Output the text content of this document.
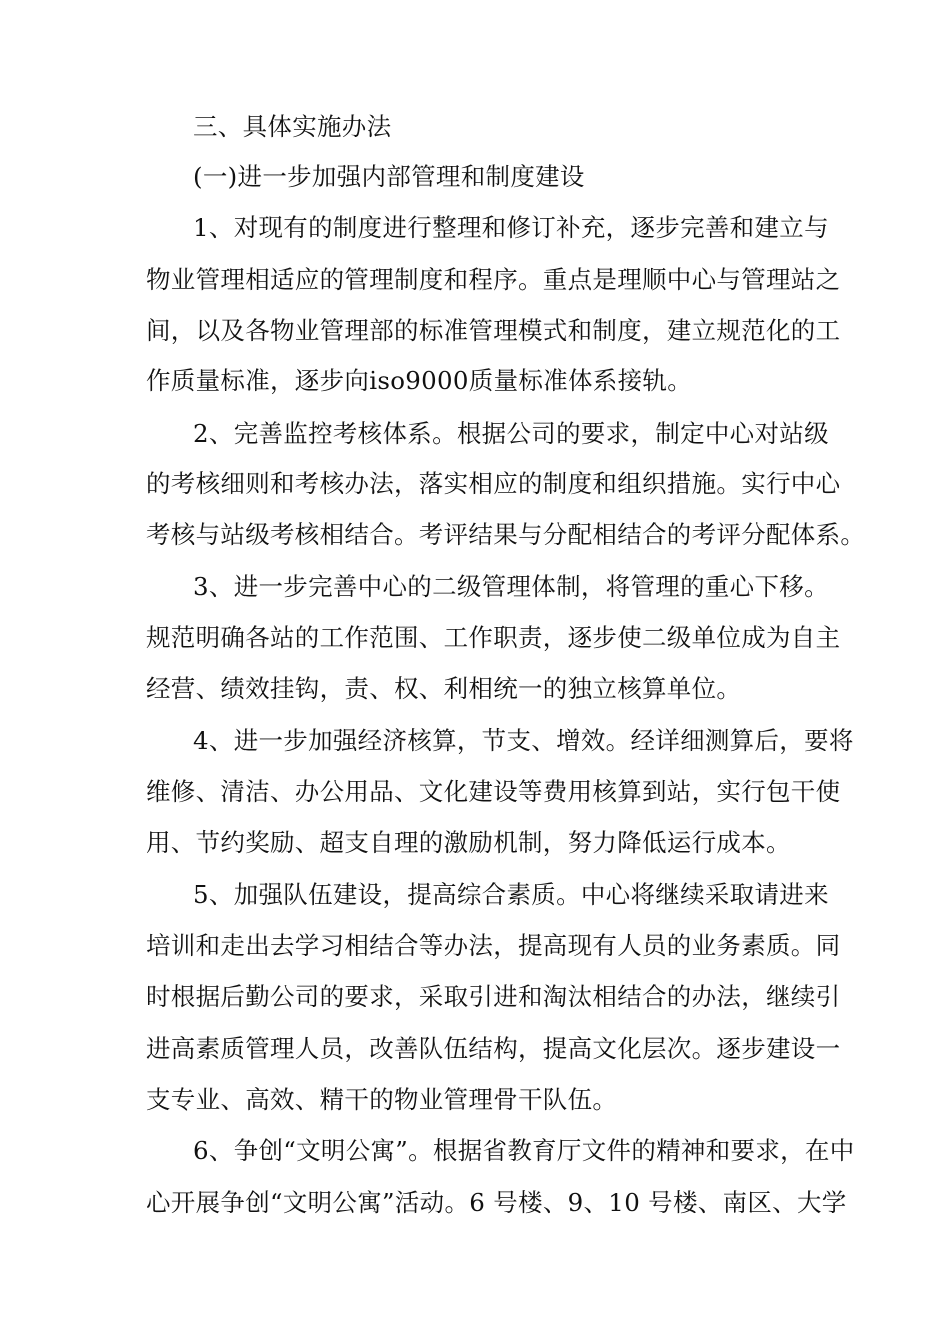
三、具体实施办法
(一)进一步加强内部管理和制度建设
1、对现有的制度进行整理和修订补充，逐步完善和建立与
物业管理相适应的管理制度和程序。重点是理顺中心与管理站之
间，以及各物业管理部的标准管理模式和制度，建立规范化的工
作质量标准，逐步向iso9000质量标准体系接轨。
2、完善监控考核体系。根据公司的要求，制定中心对站级
的考核细则和考核办法，落实相应的制度和组织措施。实行中心
考核与站级考核相结合。考评结果与分配相结合的考评分配体系。
3、进一步完善中心的二级管理体制，将管理的重心下移。
规范明确各站的工作范围、工作职责，逐步使二级单位成为自主
经营、绩效挂钩，责、权、利相统一的独立核算单位。
4、进一步加强经济核算，节支、增效。经详细测算后，要将
维修、清洁、办公用品、文化建设等费用核算到站，实行包干使
用、节约奖励、超支自理的激励机制，努力降低运行成本。
5、加强队伍建设，提高综合素质。中心将继续采取请进来
培训和走出去学习相结合等办法，提高现有人员的业务素质。同
时根据后勤公司的要求，采取引进和淘汰相结合的办法，继续引
进高素质管理人员，改善队伍结构，提高文化层次。逐步建设一
支专业、高效、精干的物业管理骨干队伍。
6、争创“文明公寓”。根据省教育厅文件的精神和要求，在中
心开展争创“文明公寓”活动。6 号楼、9、10 号楼、南区、大学
